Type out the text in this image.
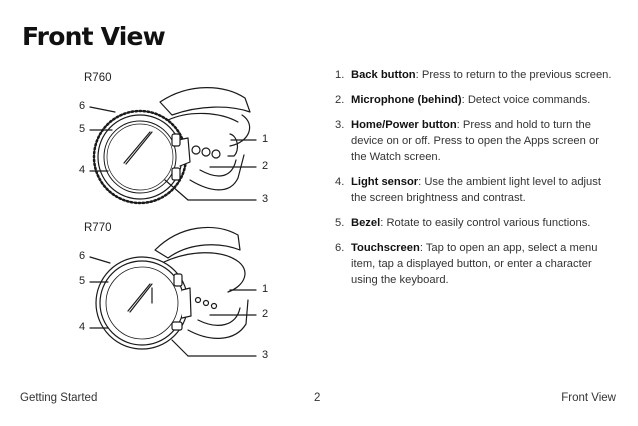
Front View
R760
R770
6
5
4
1
2
3
6
5
4
1
2
3
1. Back button: Press to return to the previous screen.
2. Microphone (behind): Detect voice commands.
3. Home/Power button: Press and hold to turn the device on or off. Press to open the Apps screen or the Watch screen.
4. Light sensor: Use the ambient light level to adjust the screen brightness and contrast.
5. Bezel: Rotate to easily control various functions.
6. Touchscreen: Tap to open an app, select a menu item, tap a displayed button, or enter a character using the keyboard.
Getting Started	2	Front View
